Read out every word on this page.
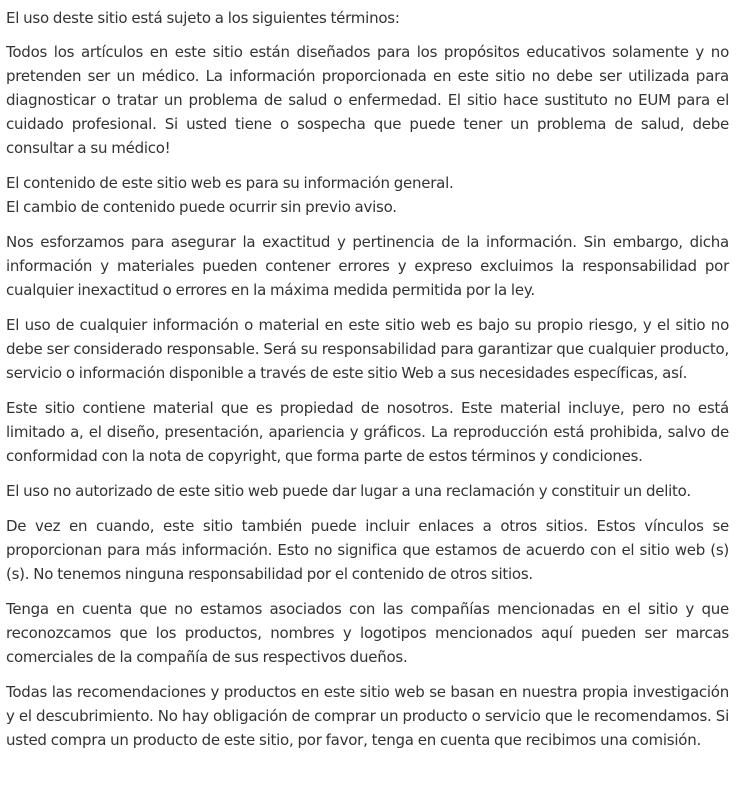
El uso deste sitio está sujeto a los siguientes términos:

Todos los artículos en este sitio están diseñados para los propósitos educativos solamente y no pretenden ser un médico. La información proporcionada en este sitio no debe ser utilizada para diagnosticar o tratar un problema de salud o enfermedad. El sitio hace sustituto no EUM para el cuidado profesional. Si usted tiene o sospecha que puede tener un problema de salud, debe consultar a su médico!

El contenido de este sitio web es para su información general.
El cambio de contenido puede ocurrir sin previo aviso.

Nos esforzamos para asegurar la exactitud y pertinencia de la información. Sin embargo, dicha información y materiales pueden contener errores y expreso excluimos la responsabilidad por cualquier inexactitud o errores en la máxima medida permitida por la ley.

El uso de cualquier información o material en este sitio web es bajo su propio riesgo, y el sitio no debe ser considerado responsable. Será su responsabilidad para garantizar que cualquier producto, servicio o información disponible a través de este sitio Web a sus necesidades específicas, así.

Este sitio contiene material que es propiedad de nosotros. Este material incluye, pero no está limitado a, el diseño, presentación, apariencia y gráficos. La reproducción está prohibida, salvo de conformidad con la nota de copyright, que forma parte de estos términos y condiciones.

El uso no autorizado de este sitio web puede dar lugar a una reclamación y constituir un delito.

De vez en cuando, este sitio también puede incluir enlaces a otros sitios. Estos vínculos se proporcionan para más información. Esto no significa que estamos de acuerdo con el sitio web (s) (s). No tenemos ninguna responsabilidad por el contenido de otros sitios.

Tenga en cuenta que no estamos asociados con las compañías mencionadas en el sitio y que reconozcamos que los productos, nombres y logotipos mencionados aquí pueden ser marcas comerciales de la compañía de sus respectivos dueños.

Todas las recomendaciones y productos en este sitio web se basan en nuestra propia investigación y el descubrimiento. No hay obligación de comprar un producto o servicio que le recomendamos. Si usted compra un producto de este sitio, por favor, tenga en cuenta que recibimos una comisión.
